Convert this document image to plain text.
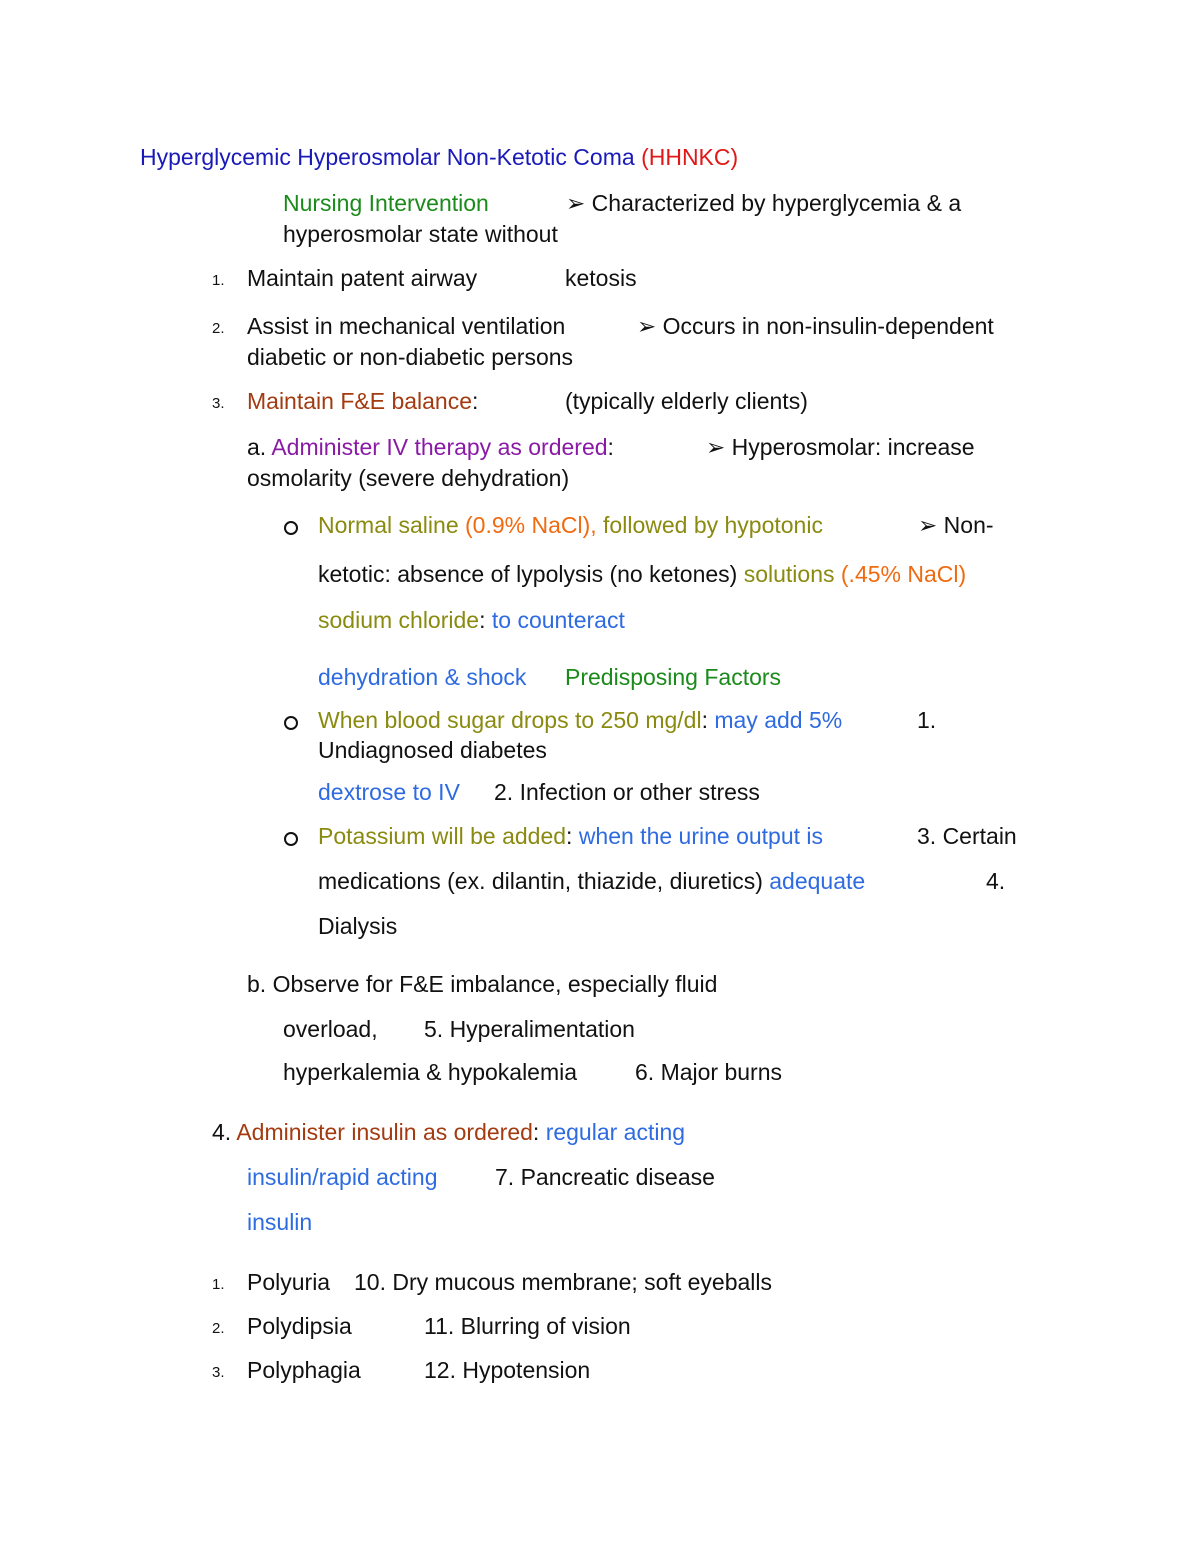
Hyperglycemic Hyperosmolar Non-Ketotic Coma (HHNKC)
Nursing Intervention	➢ Characterized by hyperglycemia & a
hyperosmolar state without
1. Maintain patent airway	ketosis
2. Assist in mechanical ventilation	➢ Occurs in non-insulin-dependent
diabetic or non-diabetic persons
3. Maintain F&E balance:	(typically elderly clients)
a. Administer IV therapy as ordered:	➢ Hyperosmolar: increase
osmolarity (severe dehydration)
Normal saline (0.9% NaCl), followed by hypotonic	➢ Non-
ketotic: absence of lypolysis (no ketones) solutions (.45% NaCl)
sodium chloride: to counteract
dehydration & shock Predisposing Factors
When blood sugar drops to 250 mg/dl: may add 5%	1.
Undiagnosed diabetes
dextrose to IV 2. Infection or other stress
Potassium will be added: when the urine output is	3. Certain
medications (ex. dilantin, thiazide, diuretics) adequate	4.
Dialysis
b. Observe for F&E imbalance, especially fluid
overload, 5. Hyperalimentation
hyperkalemia & hypokalemia	6. Major burns
4. Administer insulin as ordered: regular acting
insulin/rapid acting 7. Pancreatic disease
insulin
1. Polyuria 10. Dry mucous membrane; soft eyeballs
2. Polydipsia	11. Blurring of vision
3. Polyphagia	12. Hypotension
